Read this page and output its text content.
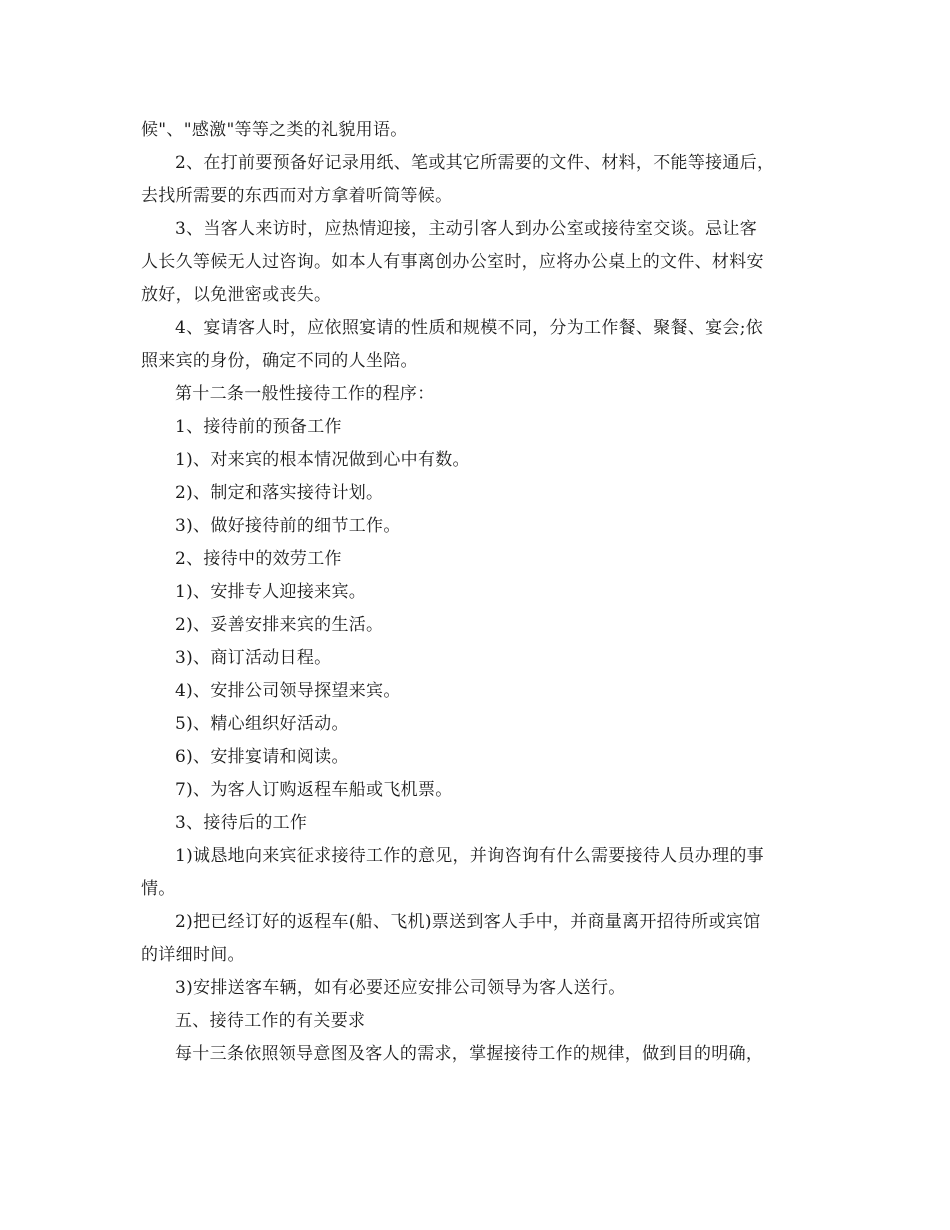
候"、"感激"等等之类的礼貌用语。

2、在打前要预备好记录用纸、笔或其它所需要的文件、材料，不能等接通后，

去找所需要的东西而对方拿着听筒等候。

3、当客人来访时，应热情迎接，主动引客人到办公室或接待室交谈。忌让客

人长久等候无人过咨询。如本人有事离创办公室时，应将办公桌上的文件、材料安

放好，以免泄密或丧失。

4、宴请客人时，应依照宴请的性质和规模不同，分为工作餐、聚餐、宴会;依

照来宾的身份，确定不同的人坐陪。

第十二条一般性接待工作的程序：

1、接待前的预备工作

1)、对来宾的根本情况做到心中有数。

2)、制定和落实接待计划。

3)、做好接待前的细节工作。

2、接待中的效劳工作

1)、安排专人迎接来宾。

2)、妥善安排来宾的生活。

3)、商订活动日程。

4)、安排公司领导探望来宾。

5)、精心组织好活动。

6)、安排宴请和阅读。

7)、为客人订购返程车船或飞机票。

3、接待后的工作

1)诚恳地向来宾征求接待工作的意见，并询咨询有什么需要接待人员办理的事

情。

2)把已经订好的返程车(船、飞机)票送到客人手中，并商量离开招待所或宾馆

的详细时间。

3)安排送客车辆，如有必要还应安排公司领导为客人送行。

五、接待工作的有关要求

每十三条依照领导意图及客人的需求，掌握接待工作的规律，做到目的明确，
